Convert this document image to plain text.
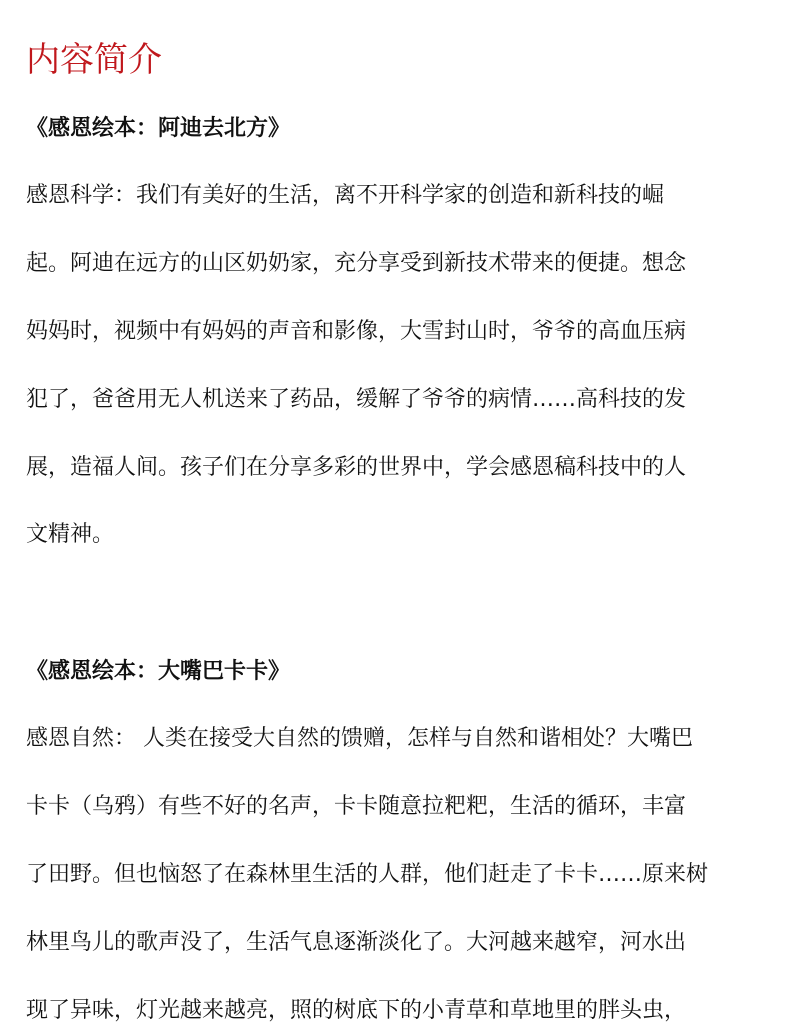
内容简介
《感恩绘本：阿迪去北方》
感恩科学：我们有美好的生活，离不开科学家的创造和新科技的崛
起。阿迪在远方的山区奶奶家，充分享受到新技术带来的便捷。想念
妈妈时，视频中有妈妈的声音和影像，大雪封山时，爷爷的高血压病
犯了，爸爸用无人机送来了药品，缓解了爷爷的病情……高科技的发
展，造福人间。孩子们在分享多彩的世界中，学会感恩稿科技中的人
文精神。
《感恩绘本：大嘴巴卡卡》
感恩自然： 人类在接受大自然的馈赠，怎样与自然和谐相处？大嘴巴
卡卡（乌鸦）有些不好的名声，卡卡随意拉粑粑，生活的循环，丰富
了田野。但也恼怒了在森林里生活的人群，他们赶走了卡卡……原来树
林里鸟儿的歌声没了，生活气息逐渐淡化了。大河越来越窄，河水出
现了异味，灯光越来越亮，照的树底下的小青草和草地里的胖头虫，
